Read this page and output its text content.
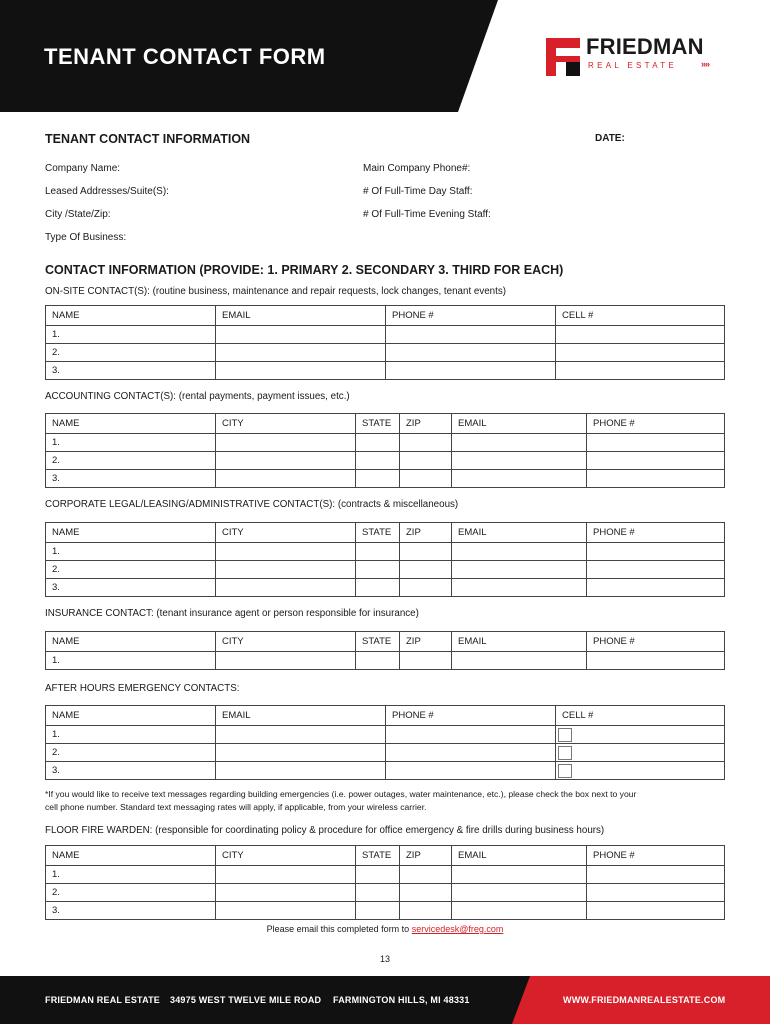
TENANT CONTACT FORM	FRIEDMAN
REAL ESTATE	»»
TENANT CONTACT INFORMATION	DATE:
Company Name:	Main Company Phone#:
Leased Addresses/Suite(S):	# Of Full-Time Day Staff:
City /State/Zip:	# Of Full-Time Evening Staff:
Type Of Business:
CONTACT INFORMATION (PROVIDE: 1. PRIMARY 2. SECONDARY 3. THIRD FOR EACH)
ON-SITE CONTACT(S): (routine business, maintenance and repair requests, lock changes, tenant events)
NAME	EMAIL	PHONE #	CELL #
1.			
2.			
3.			
ACCOUNTING CONTACT(S): (rental payments, payment issues, etc.)
NAME	CITY	STATE	ZIP	EMAIL	PHONE #
1.					
2.					
3.					
CORPORATE LEGAL/LEASING/ADMINISTRATIVE CONTACT(S): (contracts & miscellaneous)
NAME	CITY	STATE	ZIP	EMAIL	PHONE #
1.					
2.					
3.					
INSURANCE CONTACT: (tenant insurance agent or person responsible for insurance)
NAME	CITY	STATE	ZIP	EMAIL	PHONE #
1.					
AFTER HOURS EMERGENCY CONTACTS:
NAME	EMAIL	PHONE #	CELL #
1.			
2.			
3.			
*If you would like to receive text messages regarding building emergencies (i.e. power outages, water maintenance, etc.), please check the box next to your
cell phone number. Standard text messaging rates will apply, if applicable, from your wireless carrier.
FLOOR FIRE WARDEN: (responsible for coordinating policy & procedure for office emergency & fire drills during business hours)
NAME	CITY	STATE	ZIP	EMAIL	PHONE #
1.					
2.					
3.					
Please email this completed form to servicedesk@freg.com
13
FRIEDMAN REAL ESTATE 34975 WEST TWELVE MILE ROAD FARMINGTON HILLS, MI 48331	WWW.FRIEDMANREALESTATE.COM
